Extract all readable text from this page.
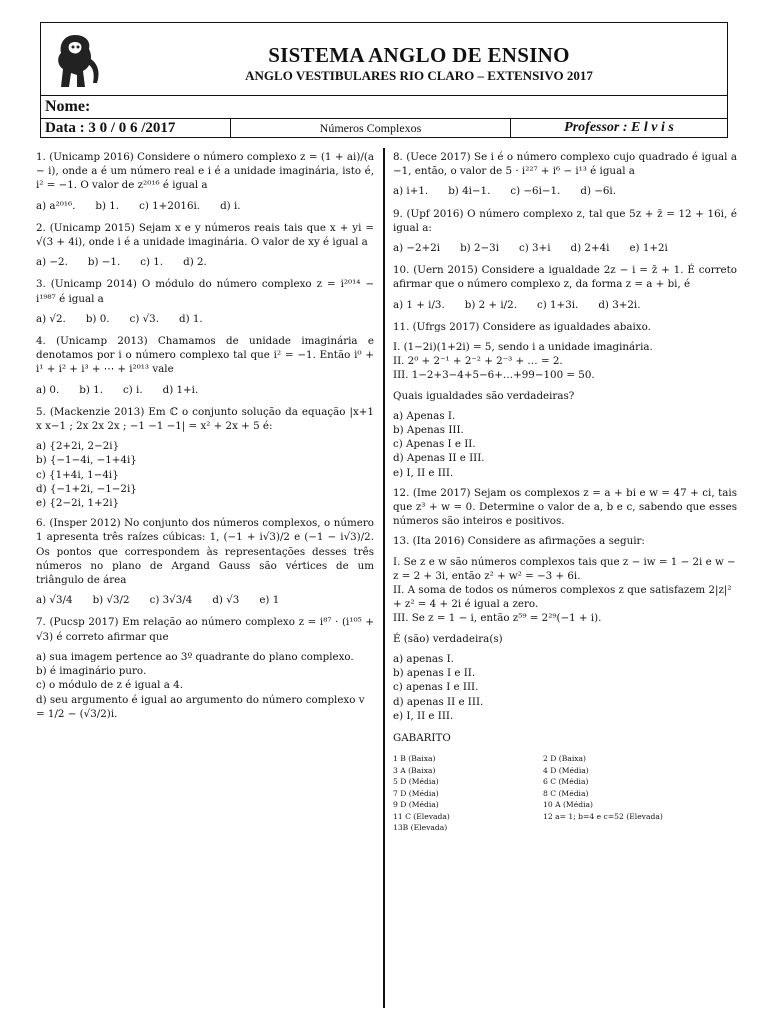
SISTEMA ANGLO DE ENSINO
ANGLO VESTIBULARES RIO CLARO – EXTENSIVO 2017
Nome:
Data : 3 0 / 0 6 /2017	Números Complexos	Professor : E l v i s
1. (Unicamp 2016) Considere o número complexo z = (1 + ai)/(a − i), onde a é um número real e i é a unidade imaginária, isto é, i² = −1. O valor de z²⁰¹⁶ é igual a
a) a²⁰¹⁶. b) 1. c) 1+2016i. d) i.
2. (Unicamp 2015) Sejam x e y números reais tais que x + yi = √(3 + 4i), onde i é a unidade imaginária. O valor de xy é igual a
a) −2. b) −1. c) 1. d) 2.
3. (Unicamp 2014) O módulo do número complexo z = i²⁰¹⁴ − i¹⁹⁸⁷ é igual a
a) √2. b) 0. c) √3. d) 1.
4. (Unicamp 2013) Chamamos de unidade imaginária e denotamos por i o número complexo tal que i² = −1. Então i⁰ + i¹ + i² + i³ + ⋯ + i²⁰¹³ vale
a) 0. b) 1. c) i. d) 1+i.
5. (Mackenzie 2013) Em ℂ o conjunto solução da equação |x+1 x x−1 ; 2x 2x 2x ; −1 −1 −1| = x² + 2x + 5 é:
a) {2+2i, 2−2i}
b) {−1−4i, −1+4i}
c) {1+4i, 1−4i}
d) {−1+2i, −1−2i}
e) {2−2i, 1+2i}
6. (Insper 2012) No conjunto dos números complexos, o número 1 apresenta três raízes cúbicas: 1, (−1 + i√3)/2 e (−1 − i√3)/2. Os pontos que correspondem às representações desses três números no plano de Argand Gauss são vértices de um triângulo de área
a) √3/4 b) √3/2 c) 3√3/4 d) √3 e) 1
7. (Pucsp 2017) Em relação ao número complexo z = i⁸⁷ · (i¹⁰⁵ + √3) é correto afirmar que
a) sua imagem pertence ao 3º quadrante do plano complexo.
b) é imaginário puro.
c) o módulo de z é igual a 4.
d) seu argumento é igual ao argumento do número complexo v = 1/2 − (√3/2)i.
8. (Uece 2017) Se i é o número complexo cujo quadrado é igual a −1, então, o valor de 5 · i²²⁷ + i⁶ − i¹³ é igual a
a) i+1. b) 4i−1. c) −6i−1. d) −6i.
9. (Upf 2016) O número complexo z, tal que 5z + z̄ = 12 + 16i, é igual a:
a) −2+2i b) 2−3i c) 3+i d) 2+4i e) 1+2i
10. (Uern 2015) Considere a igualdade 2z − i = z̄ + 1. É correto afirmar que o número complexo z, da forma z = a + bi, é
a) 1 + i/3. b) 2 + i/2. c) 1+3i. d) 3+2i.
11. (Ufrgs 2017) Considere as igualdades abaixo.
I. (1−2i)(1+2i) = 5, sendo i a unidade imaginária.
II. 2⁰ + 2⁻¹ + 2⁻² + 2⁻³ + … = 2.
III. 1−2+3−4+5−6+…+99−100 = 50.
Quais igualdades são verdadeiras?
a) Apenas I.
b) Apenas III.
c) Apenas I e II.
d) Apenas II e III.
e) I, II e III.
12. (Ime 2017) Sejam os complexos z = a + bi e w = 47 + ci, tais que z³ + w = 0. Determine o valor de a, b e c, sabendo que esses números são inteiros e positivos.
13. (Ita 2016) Considere as afirmações a seguir:
I. Se z e w são números complexos tais que z − iw = 1 − 2i e w − z = 2 + 3i, então z² + w² = −3 + 6i.
II. A soma de todos os números complexos z que satisfazem 2|z|² + z² = 4 + 2i é igual a zero.
III. Se z = 1 − i, então z⁵⁹ = 2²⁹(−1 + i).
É (são) verdadeira(s)
a) apenas I.
b) apenas I e II.
c) apenas I e III.
d) apenas II e III.
e) I, II e III.
GABARITO
1 B (Baixa)	2 D (Baixa)
3 A (Baixa)	4 D (Média)
5 D (Média)	6 C (Média)
7 D (Média)	8 C (Média)
9 D (Média)	10 A (Média)
11 C (Elevada)	12 a= 1; b=4 e c=52 (Elevada)
13B (Elevada)
